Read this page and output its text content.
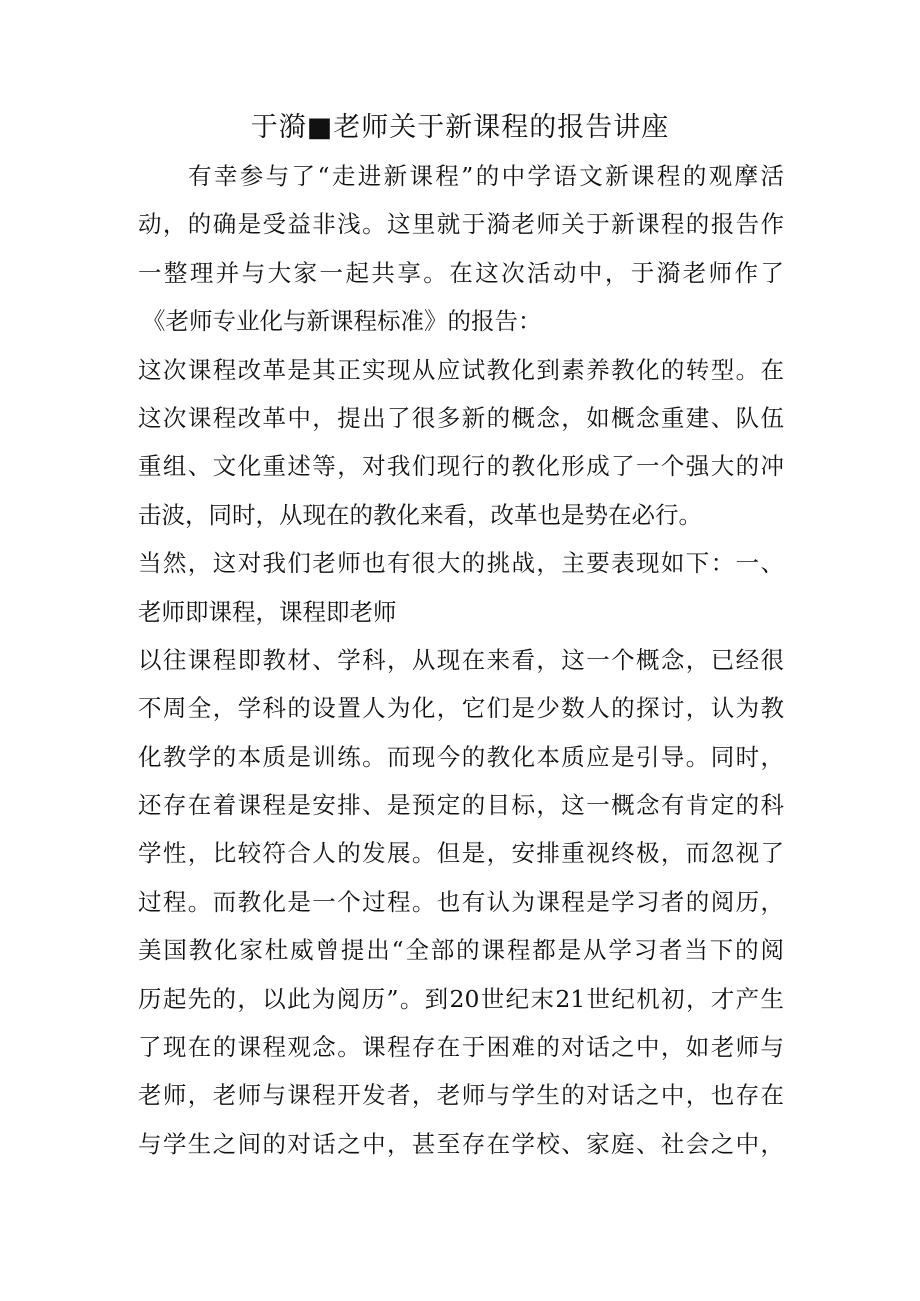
于漪■老师关于新课程的报告讲座
有幸参与了“走进新课程”的中学语文新课程的观摩活
动，的确是受益非浅。这里就于漪老师关于新课程的报告作
一整理并与大家一起共享。在这次活动中，于漪老师作了
《老师专业化与新课程标准》的报告：
这次课程改革是其正实现从应试教化到素养教化的转型。在
这次课程改革中，提出了很多新的概念，如概念重建、队伍
重组、文化重述等，对我们现行的教化形成了一个强大的冲
击波，同时，从现在的教化来看，改革也是势在必行。
当然，这对我们老师也有很大的挑战，主要表现如下：一、
老师即课程，课程即老师
以往课程即教材、学科，从现在来看，这一个概念，已经很
不周全，学科的设置人为化，它们是少数人的探讨，认为教
化教学的本质是训练。而现今的教化本质应是引导。同时，
还存在着课程是安排、是预定的目标，这一概念有肯定的科
学性，比较符合人的发展。但是，安排重视终极，而忽视了
过程。而教化是一个过程。也有认为课程是学习者的阅历，
美国教化家杜威曾提出“全部的课程都是从学习者当下的阅
历起先的，以此为阅历”。到20世纪末21世纪机初，才产生
了现在的课程观念。课程存在于困难的对话之中，如老师与
老师，老师与课程开发者，老师与学生的对话之中，也存在
与学生之间的对话之中，甚至存在学校、家庭、社会之中，
